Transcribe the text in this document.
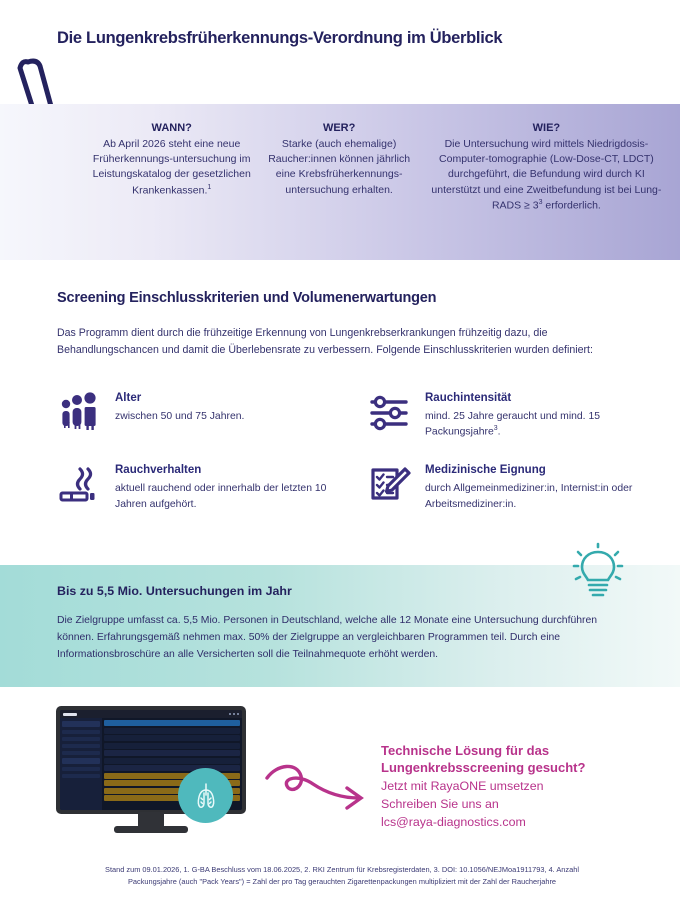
Die Lungenkrebsfrüherkennungs-Verordnung im Überblick
WANN?
Ab April 2026 steht eine neue Früherkennungs-untersuchung im Leistungskatalog der gesetzlichen Krankenkassen.$^1$
WER?
Starke (auch ehemalige) Raucher:innen können jährlich eine Krebsfrüherkennungs-untersuchung erhalten.
WIE?
Die Untersuchung wird mittels Niedrigdosis-Computer-tomographie (Low-Dose-CT, LDCT) durchgeführt, die Befundung wird durch KI unterstützt und eine Zweitbefundung ist bei Lung-RADS ≥ $3^3$ erforderlich.
Screening Einschlusskriterien und Volumenerwartungen
Das Programm dient durch die frühzeitige Erkennung von Lungenkrebserkrankungen frühzeitig dazu, die Behandlungschancen und damit die Überlebensrate zu verbessern. Folgende Einschlusskriterien wurden definiert:
Alter
zwischen 50 und 75 Jahren.
Rauchintensität
mind. 25 Jahre geraucht und mind. 15 Packungsjahre$^3$.
Rauchverhalten
aktuell rauchend oder innerhalb der letzten 10 Jahren aufgehört.
Medizinische Eignung
durch Allgemeinmediziner:in, Internist:in oder Arbeitsmediziner:in.
Bis zu 5,5 Mio. Untersuchungen im Jahr
Die Zielgruppe umfasst ca. 5,5 Mio. Personen in Deutschland, welche alle 12 Monate eine Untersuchung durchführen können. Erfahrungsgemäß nehmen max. 50% der Zielgruppe an vergleichbaren Programmen teil. Durch eine Informationsbroschüre an alle Versicherten soll die Teilnahmequote erhöht werden.
Technische Lösung für das
Lungenkrebsscreening gesucht?
Jetzt mit RayaONE umsetzen
Schreiben Sie uns an
lcs@raya-diagnostics.com
Stand zum 09.01.2026, 1. G-BA Beschluss vom 18.06.2025, 2. RKI Zentrum für Krebsregisterdaten, 3. DOI: 10.1056/NEJMoa1911793, 4. Anzahl
Packungsjahre (auch "Pack Years") = Zahl der pro Tag gerauchten Zigarettenpackungen multipliziert mit der Zahl der Raucherjahre
